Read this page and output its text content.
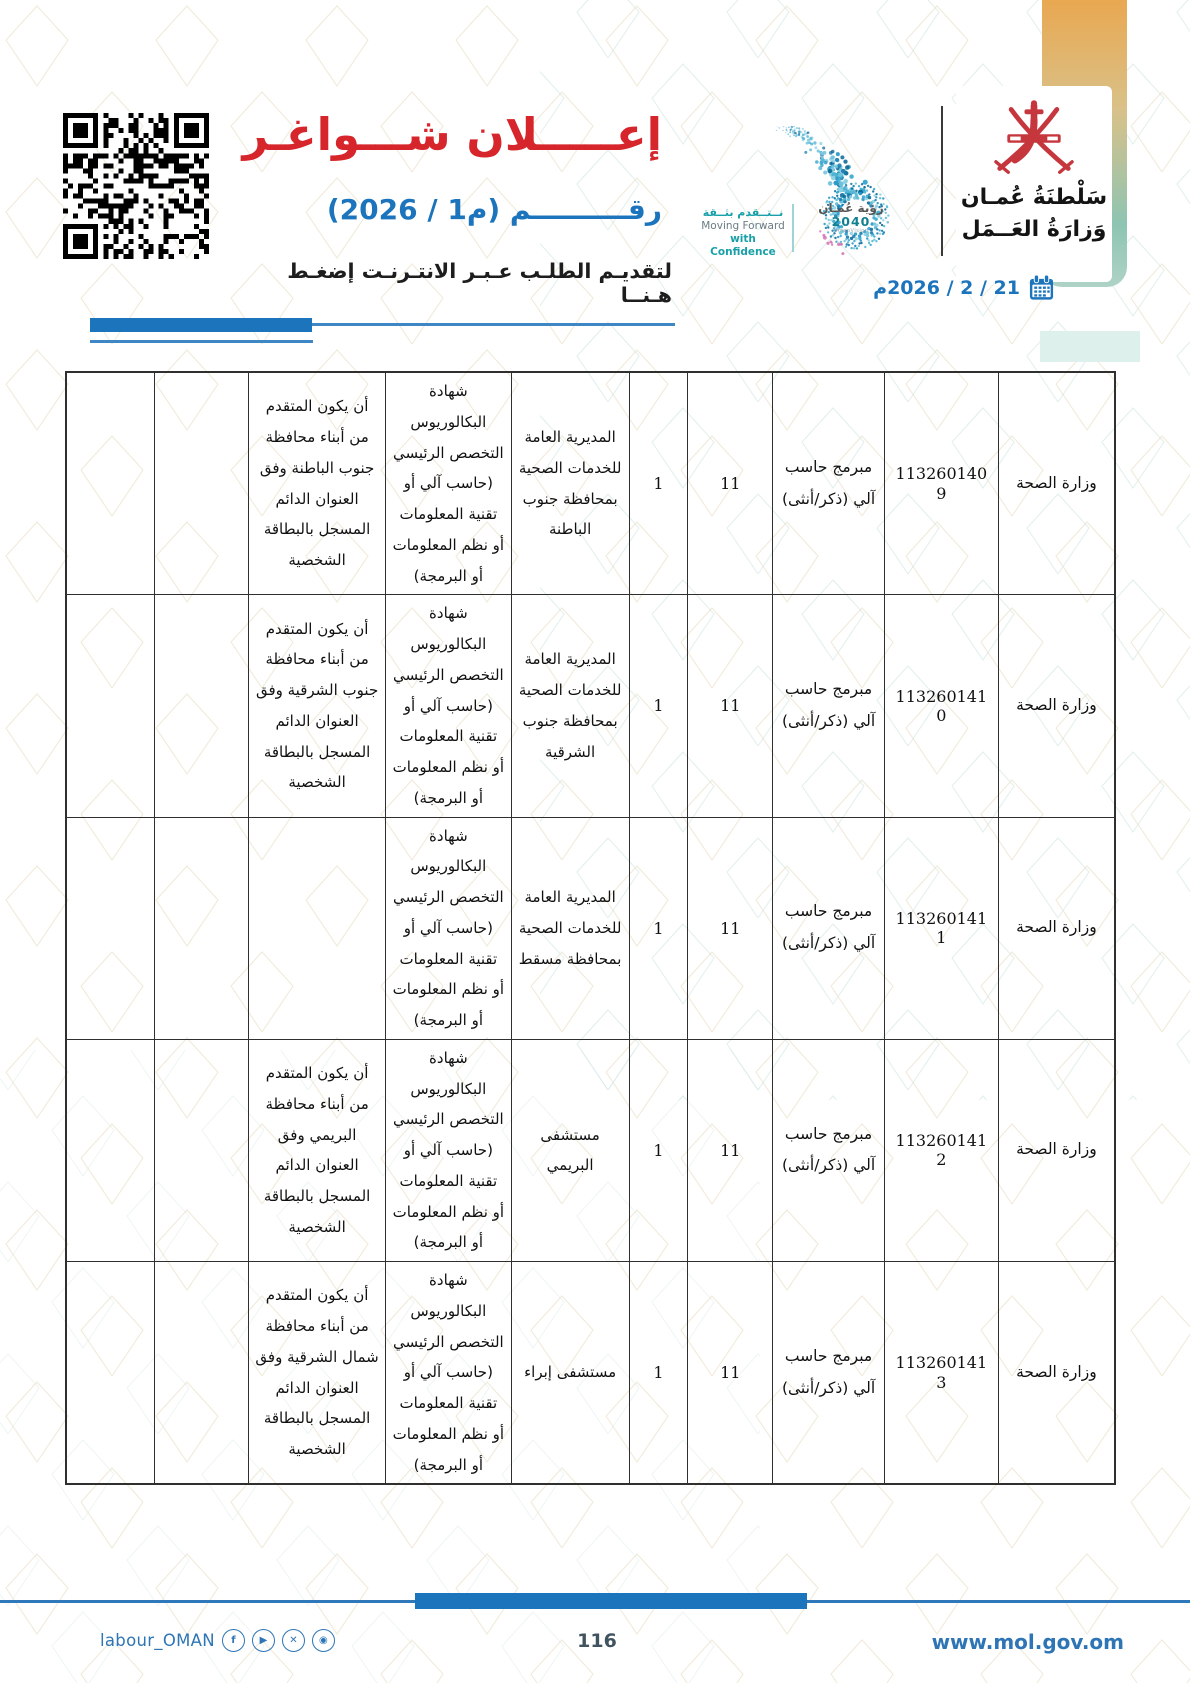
إعـــــلان شـــواغـر
رقــــــــــم (م1 / 2026)
لتقديـم الطلـب عـبـر الانتـرنـت إضغـط هـنــا
نــتــقدم بثــقة
Moving Forward
with Confidence
رؤية عُمـان
2040
OmanVision
سَلْطنَةُ عُمـان
وَزارَةُ العَــمَل
21 / 2 / 2026م
وزارة الصحة	1132601409	مبرمج حاسب آلي (ذكر/أنثى)	11	1	المديرية العامة للخدمات الصحية بمحافظة جنوب الباطنة	شهادة البكالوريوس التخصص الرئيسي (حاسب آلي أو تقنية المعلومات أو نظم المعلومات أو البرمجة)	أن يكون المتقدم من أبناء محافظة جنوب الباطنة وفق العنوان الدائم المسجل بالبطاقة الشخصية		
وزارة الصحة	1132601410	مبرمج حاسب آلي (ذكر/أنثى)	11	1	المديرية العامة للخدمات الصحية بمحافظة جنوب الشرقية	شهادة البكالوريوس التخصص الرئيسي (حاسب آلي أو تقنية المعلومات أو نظم المعلومات أو البرمجة)	أن يكون المتقدم من أبناء محافظة جنوب الشرقية وفق العنوان الدائم المسجل بالبطاقة الشخصية		
وزارة الصحة	1132601411	مبرمج حاسب آلي (ذكر/أنثى)	11	1	المديرية العامة للخدمات الصحية بمحافظة مسقط	شهادة البكالوريوس التخصص الرئيسي (حاسب آلي أو تقنية المعلومات أو نظم المعلومات أو البرمجة)			
وزارة الصحة	1132601412	مبرمج حاسب آلي (ذكر/أنثى)	11	1	مستشفى البريمي	شهادة البكالوريوس التخصص الرئيسي (حاسب آلي أو تقنية المعلومات أو نظم المعلومات أو البرمجة)	أن يكون المتقدم من أبناء محافظة البريمي وفق العنوان الدائم المسجل بالبطاقة الشخصية		
وزارة الصحة	1132601413	مبرمج حاسب آلي (ذكر/أنثى)	11	1	مستشفى إبراء	شهادة البكالوريوس التخصص الرئيسي (حاسب آلي أو تقنية المعلومات أو نظم المعلومات أو البرمجة)	أن يكون المتقدم من أبناء محافظة شمال الشرقية وفق العنوان الدائم المسجل بالبطاقة الشخصية		
labour_OMAN	f	▶	✕	◉	116	www.mol.gov.om
